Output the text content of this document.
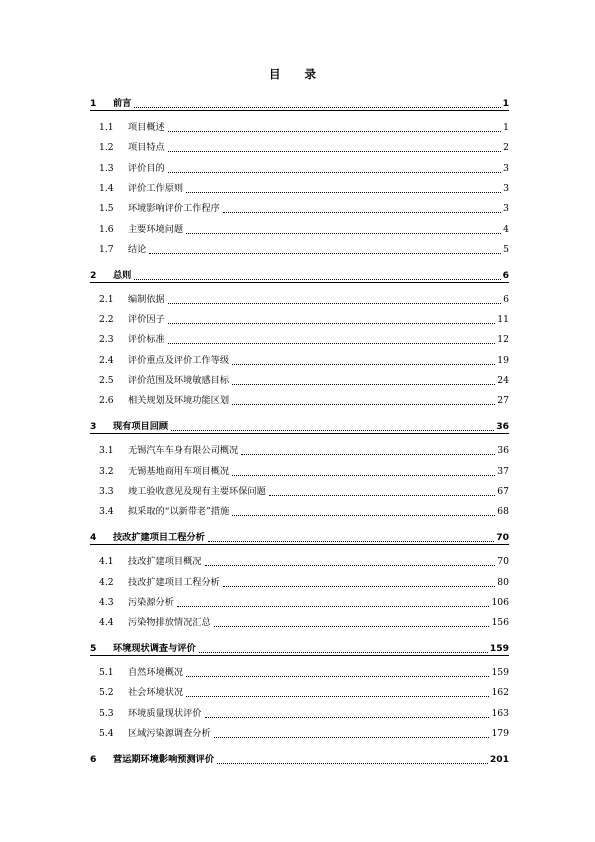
目 录
1 前言	1
1.1 项目概述	1
1.2 项目特点	2
1.3 评价目的	3
1.4 评价工作原则	3
1.5 环境影响评价工作程序	3
1.6 主要环境问题	4
1.7 结论	5
2 总则	6
2.1 编制依据	6
2.2 评价因子	11
2.3 评价标准	12
2.4 评价重点及评价工作等级	19
2.5 评价范围及环境敏感目标	24
2.6 相关规划及环境功能区划	27
3 现有项目回顾	36
3.1 无锡汽车车身有限公司概况	36
3.2 无锡基地商用车项目概况	37
3.3 竣工验收意见及现有主要环保问题	67
3.4 拟采取的“以新带老”措施	68
4 技改扩建项目工程分析	70
4.1 技改扩建项目概况	70
4.2 技改扩建项目工程分析	80
4.3 污染源分析	106
4.4 污染物排放情况汇总	156
5 环境现状调查与评价	159
5.1 自然环境概况	159
5.2 社会环境状况	162
5.3 环境质量现状评价	163
5.4 区域污染源调查分析	179
6 营运期环境影响预测评价	201
